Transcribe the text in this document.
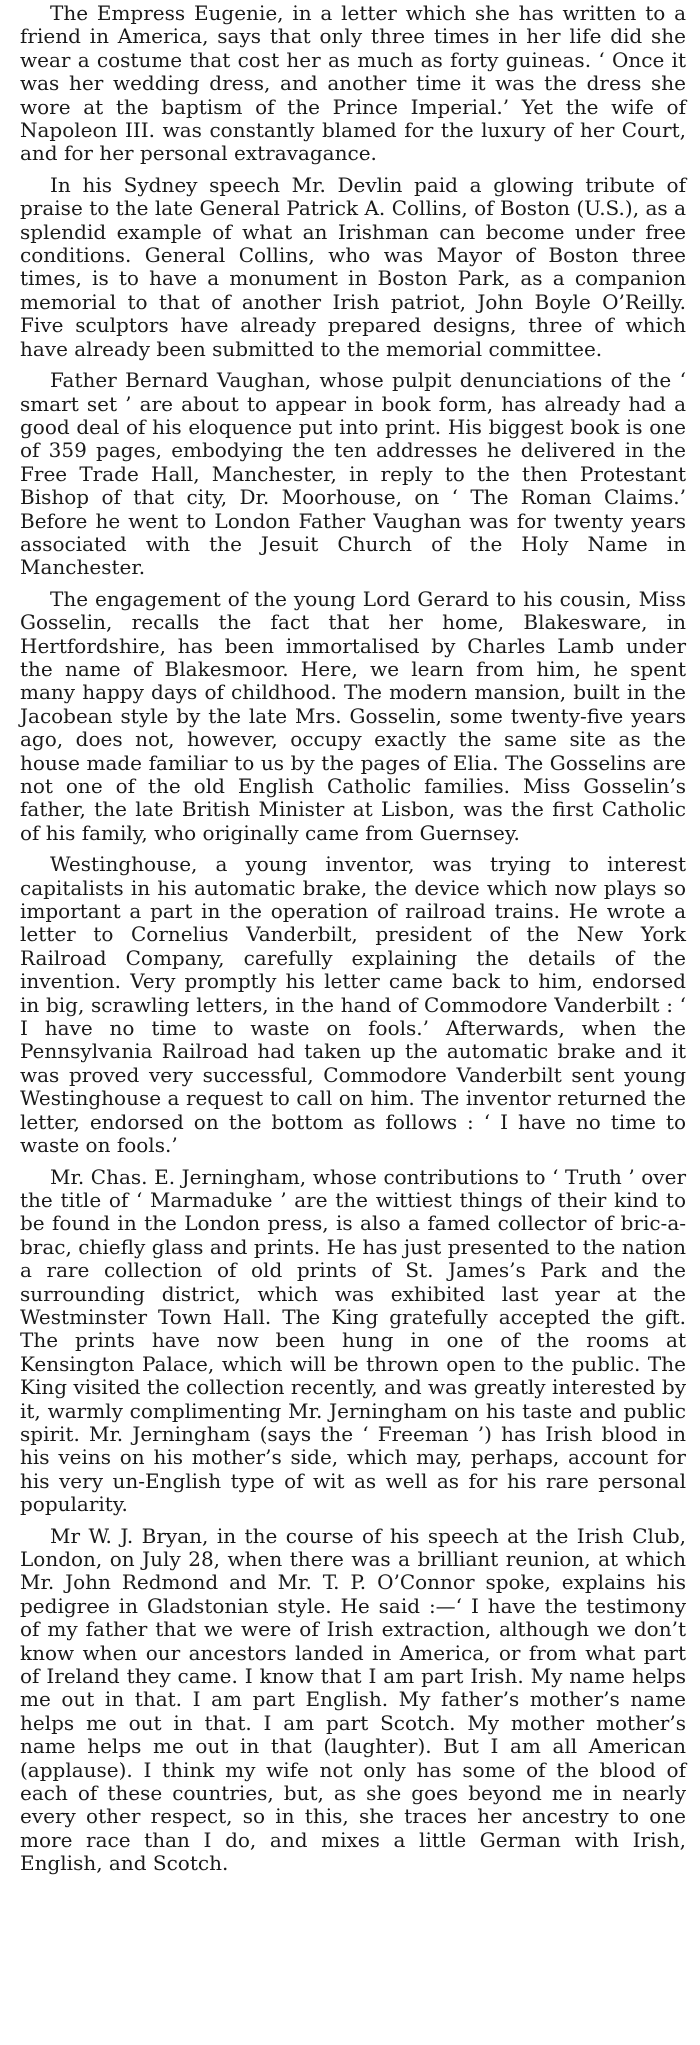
The Empress Eugenie, in a letter which she has written to a friend in America, says that only three times in her life did she wear a costume that cost her as much as forty guineas. ‘ Once it was her wedding dress, and another time it was the dress she wore at the baptism of the Prince Imperial.’ Yet the wife of Napoleon III. was constantly blamed for the luxury of her Court, and for her personal extravagance.

In his Sydney speech Mr. Devlin paid a glowing tribute of praise to the late General Patrick A. Collins, of Boston (U.S.), as a splendid example of what an Irishman can become under free conditions. General Collins, who was Mayor of Boston three times, is to have a monument in Boston Park, as a companion memorial to that of another Irish patriot, John Boyle O’Reilly. Five sculptors have already prepared designs, three of which have already been submitted to the memorial committee.

Father Bernard Vaughan, whose pulpit denunciations of the ‘ smart set ’ are about to appear in book form, has already had a good deal of his eloquence put into print. His biggest book is one of 359 pages, embodying the ten addresses he delivered in the Free Trade Hall, Manchester, in reply to the then Protestant Bishop of that city, Dr. Moorhouse, on ‘ The Roman Claims.’ Before he went to London Father Vaughan was for twenty years associated with the Jesuit Church of the Holy Name in Manchester.

The engagement of the young Lord Gerard to his cousin, Miss Gosselin, recalls the fact that her home, Blakesware, in Hertfordshire, has been immortalised by Charles Lamb under the name of Blakesmoor. Here, we learn from him, he spent many happy days of childhood. The modern mansion, built in the Jacobean style by the late Mrs. Gosselin, some twenty-five years ago, does not, however, occupy exactly the same site as the house made familiar to us by the pages of Elia. The Gosselins are not one of the old English Catholic families. Miss Gosselin’s father, the late British Minister at Lisbon, was the first Catholic of his family, who originally came from Guernsey.

Westinghouse, a young inventor, was trying to interest capitalists in his automatic brake, the device which now plays so important a part in the operation of railroad trains. He wrote a letter to Cornelius Vanderbilt, president of the New York Railroad Company, carefully explaining the details of the invention. Very promptly his letter came back to him, endorsed in big, scrawling letters, in the hand of Commodore Vanderbilt : ‘ I have no time to waste on fools.’ Afterwards, when the Pennsylvania Railroad had taken up the automatic brake and it was proved very successful, Commodore Vanderbilt sent young Westinghouse a request to call on him. The inventor returned the letter, endorsed on the bottom as follows : ‘ I have no time to waste on fools.’

Mr. Chas. E. Jerningham, whose contributions to ‘ Truth ’ over the title of ‘ Marmaduke ’ are the wittiest things of their kind to be found in the London press, is also a famed collector of bric-a-brac, chiefly glass and prints. He has just presented to the nation a rare collection of old prints of St. James’s Park and the surrounding district, which was exhibited last year at the Westminster Town Hall. The King gratefully accepted the gift. The prints have now been hung in one of the rooms at Kensington Palace, which will be thrown open to the public. The King visited the collection recently, and was greatly interested by it, warmly complimenting Mr. Jerningham on his taste and public spirit. Mr. Jerningham (says the ‘ Freeman ’) has Irish blood in his veins on his mother’s side, which may, perhaps, account for his very un-English type of wit as well as for his rare personal popularity.

Mr W. J. Bryan, in the course of his speech at the Irish Club, London, on July 28, when there was a brilliant reunion, at which Mr. John Redmond and Mr. T. P. O’Connor spoke, explains his pedigree in Gladstonian style. He said :—‘ I have the testimony of my father that we were of Irish extraction, although we don’t know when our ancestors landed in America, or from what part of Ireland they came. I know that I am part Irish. My name helps me out in that. I am part English. My father’s mother’s name helps me out in that. I am part Scotch. My mother mother’s name helps me out in that (laughter). But I am all American (applause). I think my wife not only has some of the blood of each of these countries, but, as she goes beyond me in nearly every other respect, so in this, she traces her ancestry to one more race than I do, and mixes a little German with Irish, English, and Scotch.
